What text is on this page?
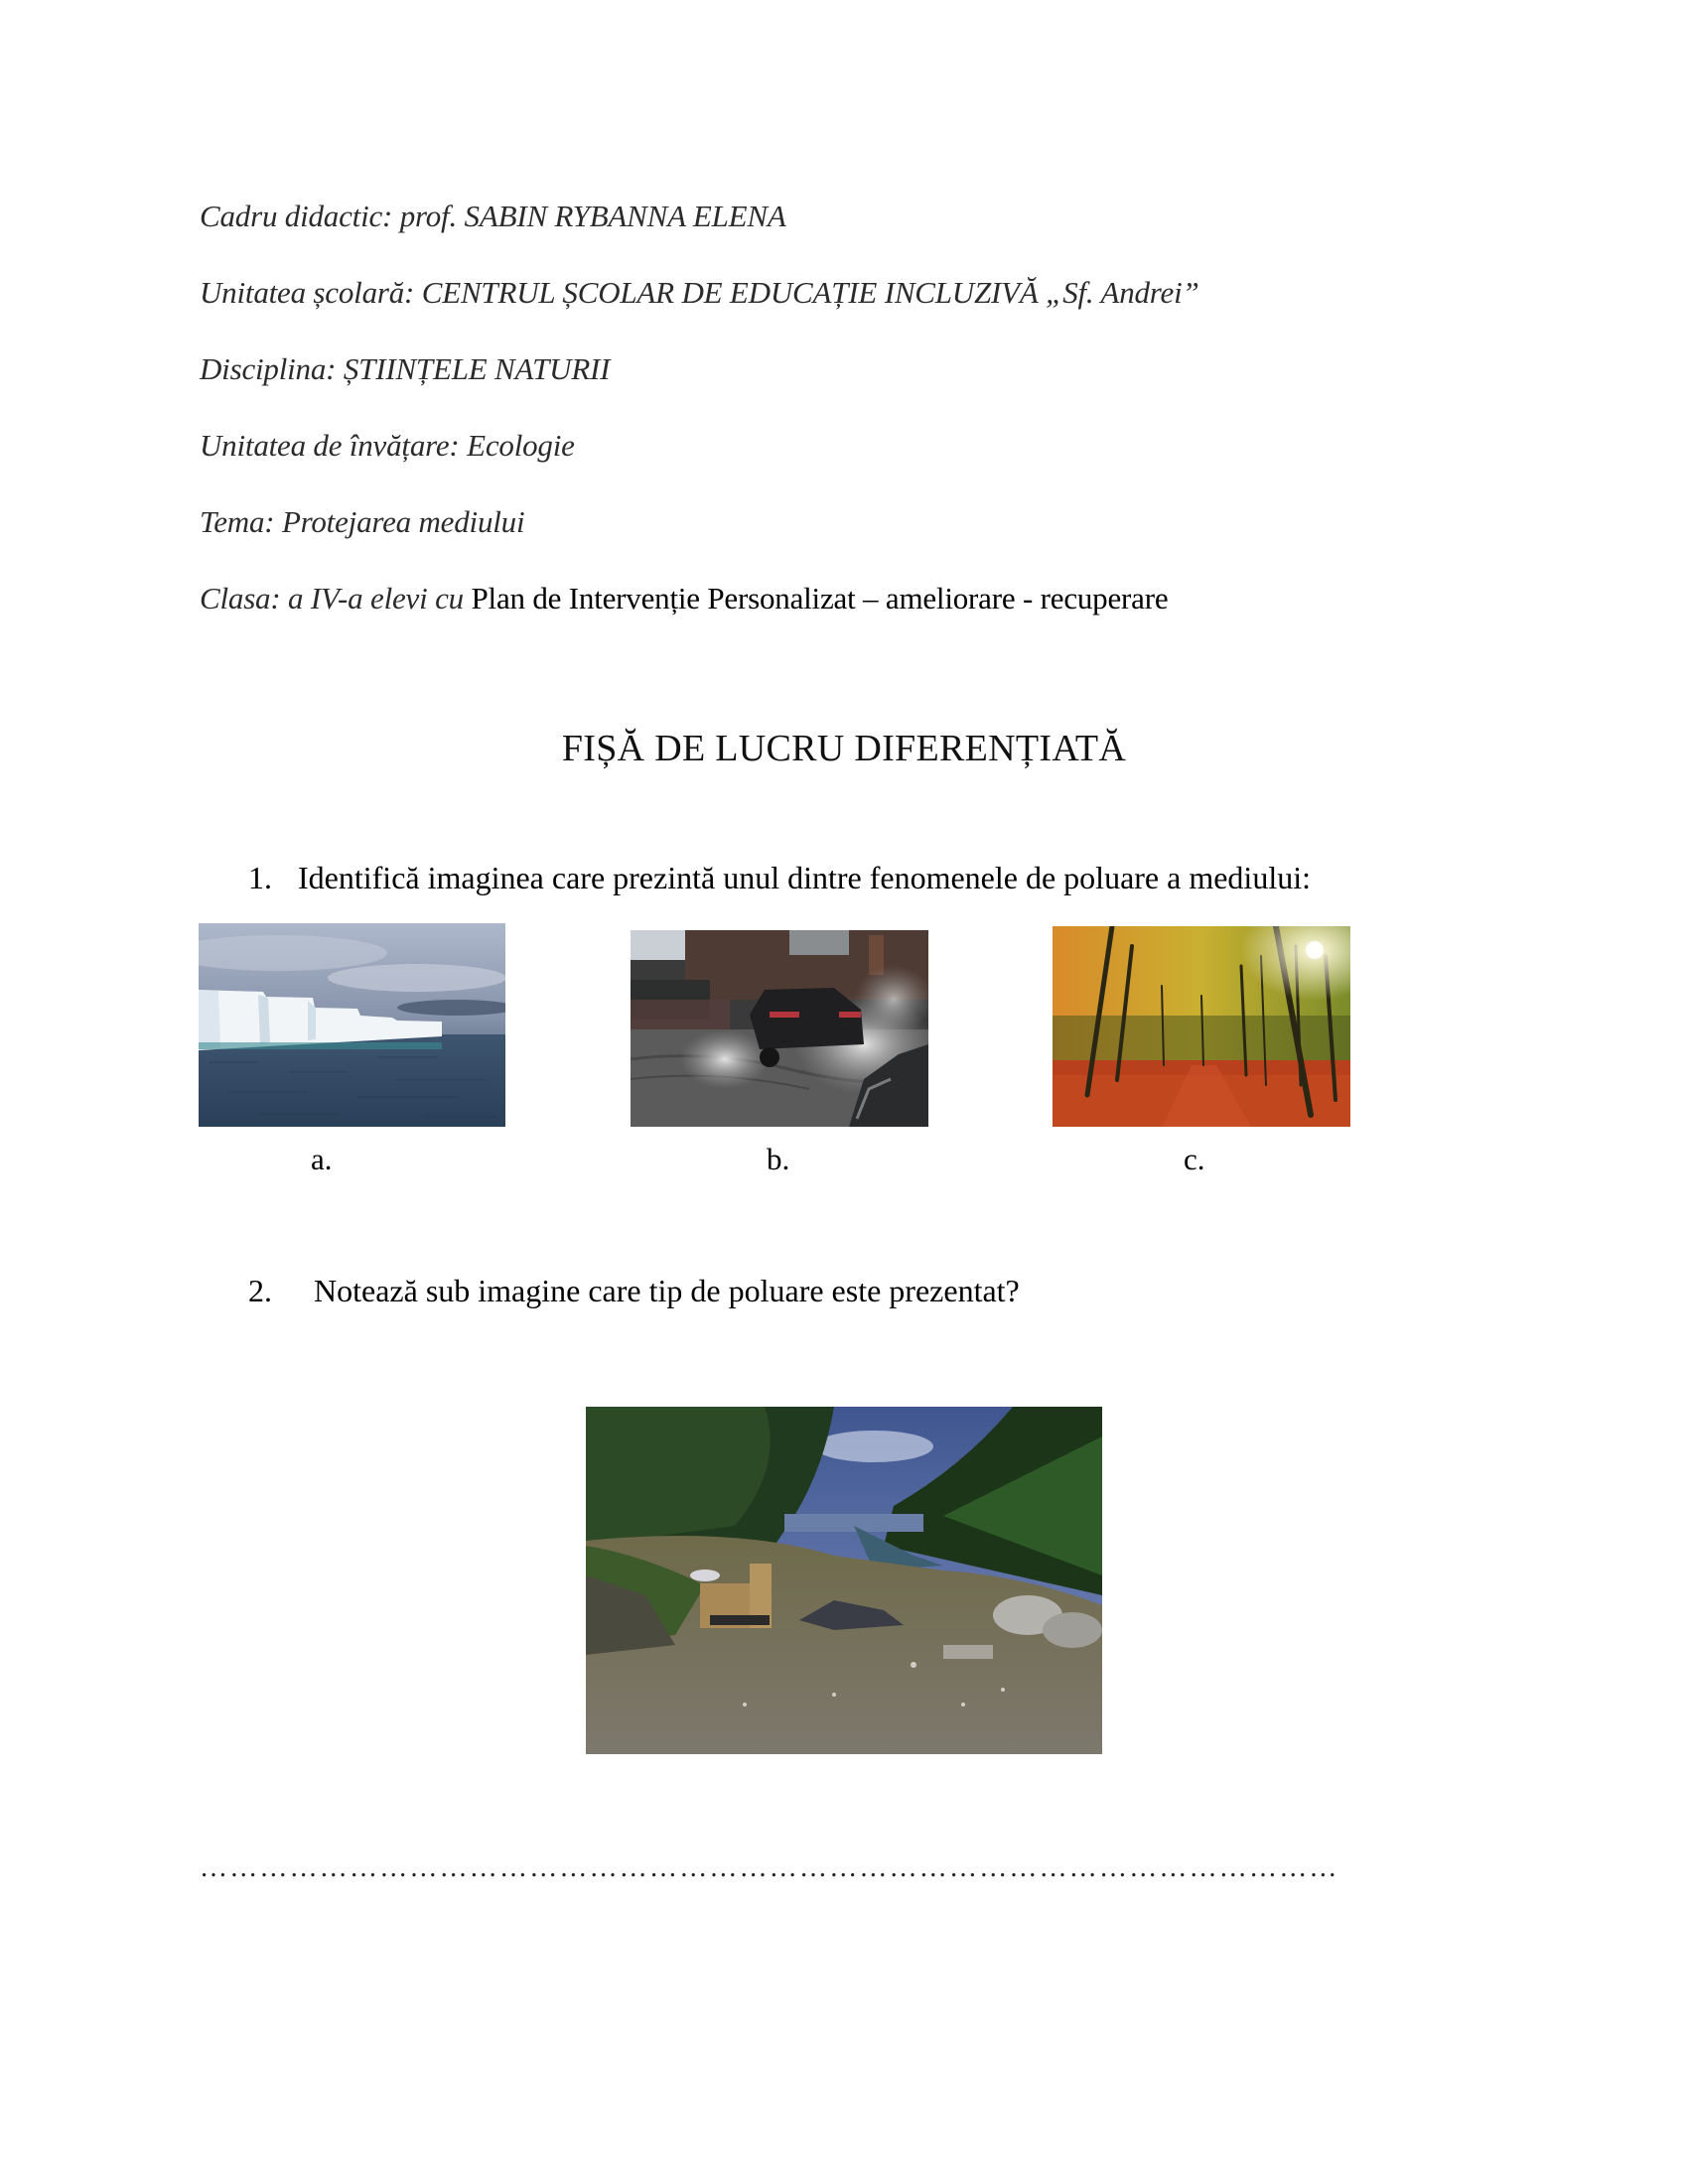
Cadru didactic: prof. SABIN RYBANNA ELENA
Unitatea școlară: CENTRUL ȘCOLAR DE EDUCAȚIE INCLUZIVĂ „Sf. Andrei”
Disciplina: ȘTIINȚELE NATURII
Unitatea de învățare: Ecologie
Tema: Protejarea mediului
Clasa: a IV-a elevi cu Plan de Intervenție Personalizat – ameliorare - recuperare
FIȘĂ DE LUCRU DIFERENȚIATĂ
1. Identifică imaginea care prezintă unul dintre fenomenele de poluare a mediului:
a.	b.	c.
2. Notează sub imagine care tip de poluare este prezentat?
……………………………………………………………………………………………………
